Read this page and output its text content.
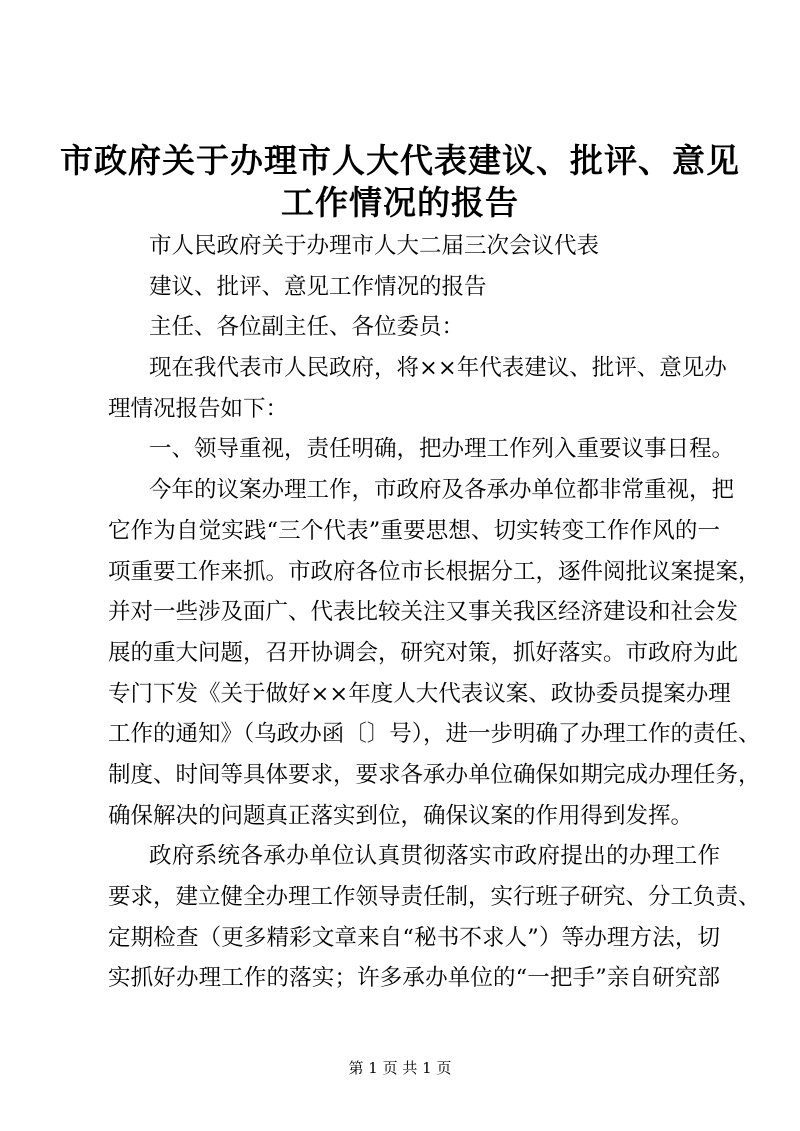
市政府关于办理市人大代表建议、批评、意见
工作情况的报告
市人民政府关于办理市人大二届三次会议代表
建议、批评、意见工作情况的报告
主任、各位副主任、各位委员：
现在我代表市人民政府，将××年代表建议、批评、意见办
理情况报告如下：
一、领导重视，责任明确，把办理工作列入重要议事日程。
今年的议案办理工作，市政府及各承办单位都非常重视，把
它作为自觉实践“三个代表”重要思想、切实转变工作作风的一
项重要工作来抓。市政府各位市长根据分工，逐件阅批议案提案，
并对一些涉及面广、代表比较关注又事关我区经济建设和社会发
展的重大问题，召开协调会，研究对策，抓好落实。市政府为此
专门下发《关于做好××年度人大代表议案、政协委员提案办理
工作的通知》（乌政办函〔〕号），进一步明确了办理工作的责任、
制度、时间等具体要求，要求各承办单位确保如期完成办理任务，
确保解决的问题真正落实到位，确保议案的作用得到发挥。
政府系统各承办单位认真贯彻落实市政府提出的办理工作
要求，建立健全办理工作领导责任制，实行班子研究、分工负责、
定期检查（更多精彩文章来自“秘书不求人”）等办理方法，切
实抓好办理工作的落实；许多承办单位的“一把手”亲自研究部
第 1 页 共 1 页
